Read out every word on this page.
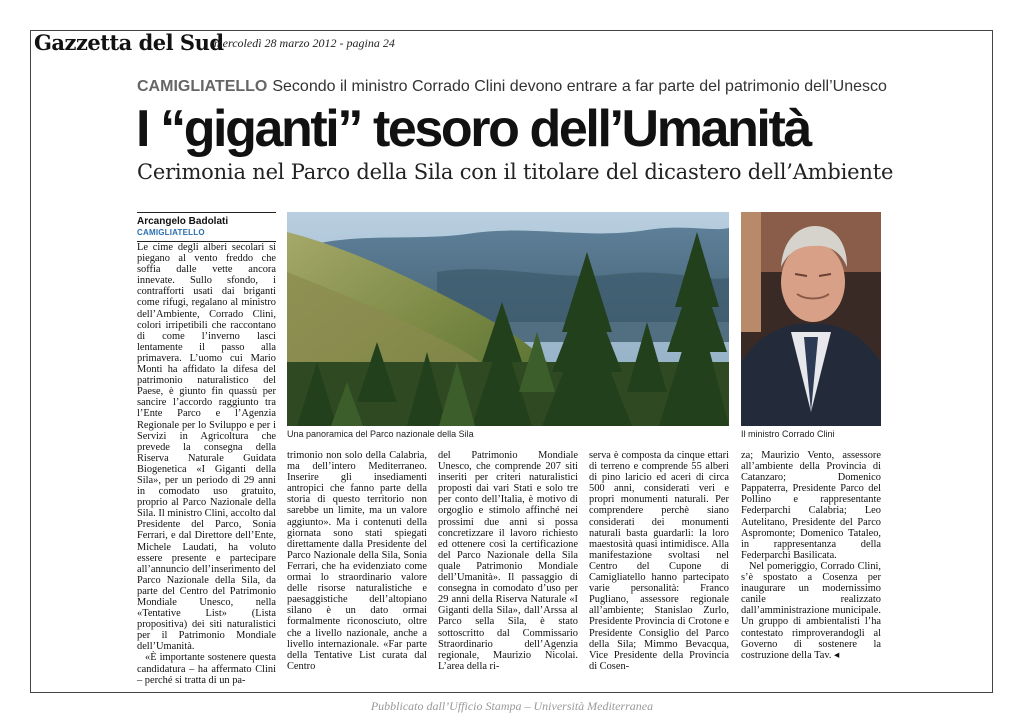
Gazzetta del Sud
mercoledì 28 marzo 2012 - pagina 24
CAMIGLIATELLO Secondo il ministro Corrado Clini devono entrare a far parte del patrimonio dell’Unesco
I “giganti” tesoro dell’Umanità
Cerimonia nel Parco della Sila con il titolare del dicastero dell’Ambiente
Arcangelo Badolati
CAMIGLIATELLO
Una panoramica del Parco nazionale della Sila	Il ministro Corrado Clini

Le cime degli alberi secolari si piegano al vento freddo che soffia dalle vette ancora innevate. Sullo sfondo, i contrafforti usati dai briganti come rifugi, regalano al ministro dell’Ambiente, Corrado Clini, colori irripetibili che raccontano di come l’inverno lasci lentamente il passo alla primavera. L’uomo cui Mario Monti ha affidato la difesa del patrimonio naturalistico del Paese, è giunto fin quassù per sancire l’accordo raggiunto tra l’Ente Parco e l’Agenzia Regionale per lo Sviluppo e per i Servizi in Agricoltura che prevede la consegna della Riserva Naturale Guidata Biogenetica «I Giganti della Sila», per un periodo di 29 anni in comodato uso gratuito, proprio al Parco Nazionale della Sila. Il ministro Clini, accolto dal Presidente del Parco, Sonia Ferrari, e dal Direttore dell’Ente, Michele Laudati, ha voluto essere presente e partecipare all’annuncio dell’inserimento del Parco Nazionale della Sila, da parte del Centro del Patrimonio Mondiale Unesco, nella «Tentative List» (Lista propositiva) dei siti naturalistici per il Patrimonio Mondiale dell’Umanità.

«È importante sostenere questa candidatura – ha affermato Clini – perché si tratta di un pa-

trimonio non solo della Calabria, ma dell’intero Mediterraneo. Inserire gli insediamenti antropici che fanno parte della storia di questo territorio non sarebbe un limite, ma un valore aggiunto». Ma i contenuti della giornata sono stati spiegati direttamente dalla Presidente del Parco Nazionale della Sila, Sonia Ferrari, che ha evidenziato come ormai lo straordinario valore delle risorse naturalistiche e paesaggistiche dell’altopiano silano è un dato ormai formalmente riconosciuto, oltre che a livello nazionale, anche a livello internazionale. «Far parte della Tentative List curata dal Centro

del Patrimonio Mondiale Unesco, che comprende 207 siti inseriti per criteri naturalistici proposti dai vari Stati e solo tre per conto dell’Italia, è motivo di orgoglio e stimolo affinché nei prossimi due anni si possa concretizzare il lavoro richiesto ed ottenere così la certificazione del Parco Nazionale della Sila quale Patrimonio Mondiale dell’Umanità». Il passaggio di consegna in comodato d’uso per 29 anni della Riserva Naturale «I Giganti della Sila», dall’Arssa al Parco sella Sila, è stato sottoscritto dal Commissario Straordinario dell’Agenzia regionale, Maurizio Nicolai. L’area della ri-

serva è composta da cinque ettari di terreno e comprende 55 alberi di pino laricio ed aceri di circa 500 anni, considerati veri e propri monumenti naturali. Per comprendere perchè siano considerati dei monumenti naturali basta guardarli: la loro maestosità quasi intimidisce. Alla manifestazione svoltasi nel Centro del Cupone di Camigliatello hanno partecipato varie personalità: Franco Pugliano, assessore regionale all’ambiente; Stanislao Zurlo, Presidente Provincia di Crotone e Presidente Consiglio del Parco della Sila; Mimmo Bevacqua, Vice Presidente della Provincia di Cosen-

za; Maurizio Vento, assessore all’ambiente della Provincia di Catanzaro; Domenico Pappaterra, Presidente Parco del Pollino e rappresentante Federparchi Calabria; Leo Autelitano, Presidente del Parco Aspromonte; Domenico Tataleo, in rappresentanza della Federparchi Basilicata.

Nel pomeriggio, Corrado Clini, s’è spostato a Cosenza per inaugurare un modernissimo canile realizzato dall’amministrazione municipale. Un gruppo di ambientalisti l’ha contestato rimproverandogli al Governo di sostenere la costruzione della Tav. ◂

Pubblicato dall’Ufficio Stampa – Università Mediterranea
